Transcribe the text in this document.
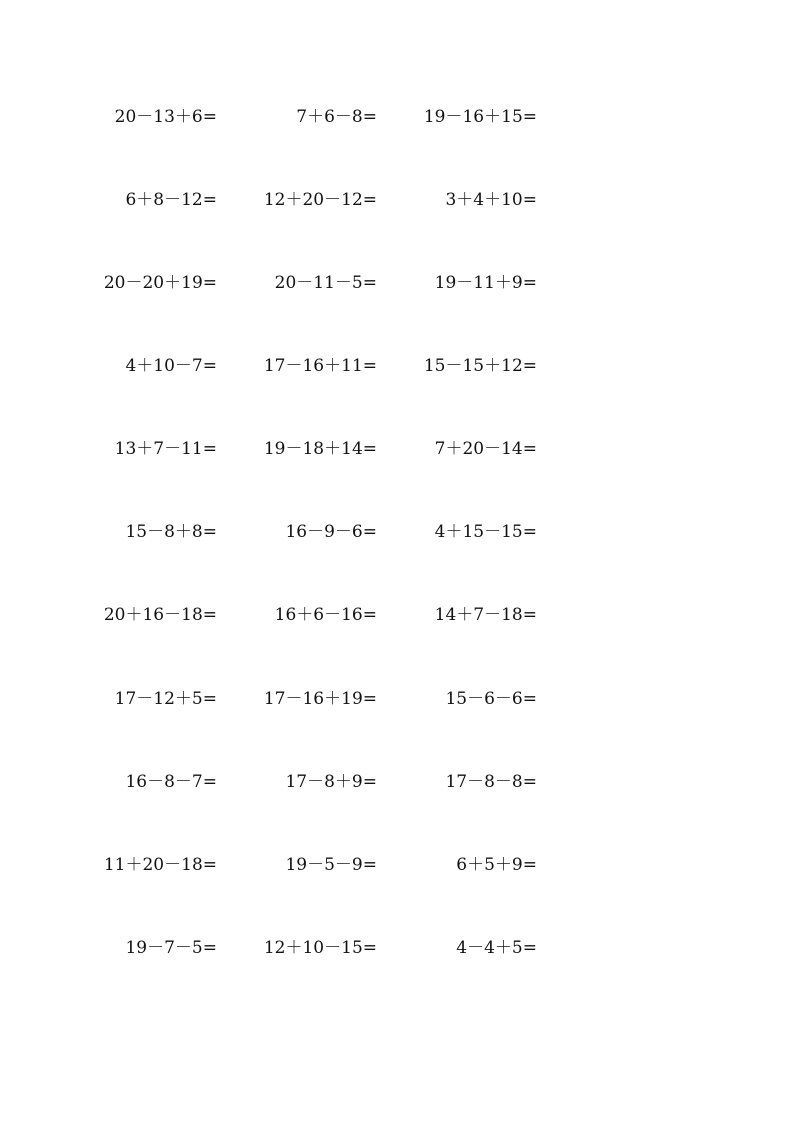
20－13＋6=	7＋6－8=	19－16＋15=
6＋8－12=	12＋20－12=	3＋4＋10=
20－20＋19=	20－11－5=	19－11＋9=
4＋10－7=	17－16＋11=	15－15＋12=
13＋7－11=	19－18＋14=	7＋20－14=
15－8＋8=	16－9－6=	4＋15－15=
20＋16－18=	16＋6－16=	14＋7－18=
17－12＋5=	17－16＋19=	15－6－6=
16－8－7=	17－8＋9=	17－8－8=
11＋20－18=	19－5－9=	6＋5＋9=
19－7－5=	12＋10－15=	4－4＋5=
